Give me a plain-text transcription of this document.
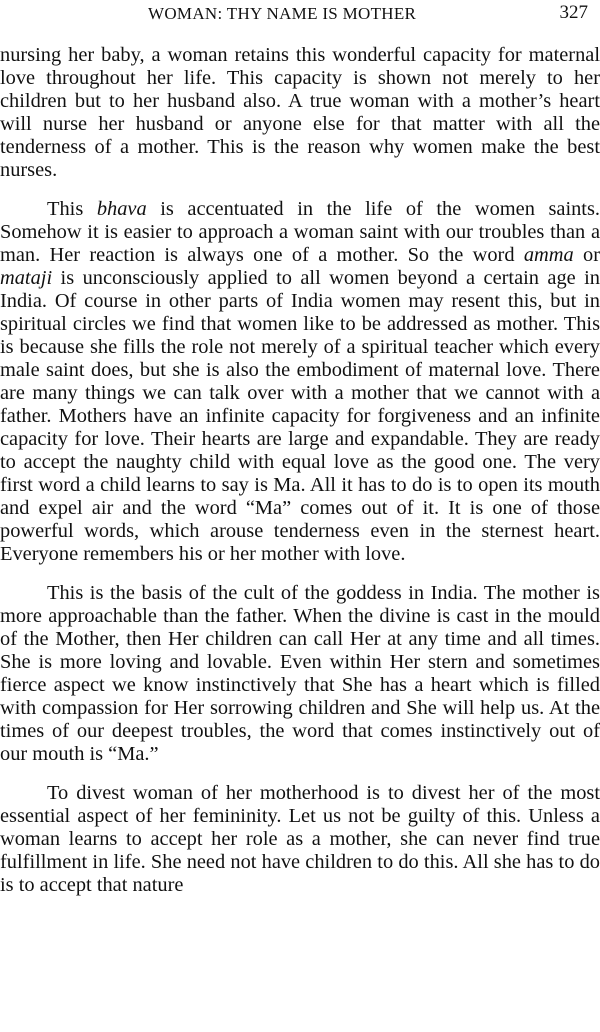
WOMAN: THY NAME IS MOTHER	327

nursing her baby, a woman retains this wonderful capacity for maternal love throughout her life. This capacity is shown not merely to her children but to her husband also. A true woman with a mother’s heart will nurse her husband or anyone else for that matter with all the tenderness of a mother. This is the reason why women make the best nurses.

This bhava is accentuated in the life of the women saints. Somehow it is easier to approach a woman saint with our troubles than a man. Her reaction is always one of a mother. So the word amma or mataji is unconsciously applied to all women beyond a certain age in India. Of course in other parts of India women may resent this, but in spiritual circles we find that women like to be addressed as mother. This is because she fills the role not merely of a spiritual teacher which every male saint does, but she is also the embodiment of maternal love. There are many things we can talk over with a mother that we cannot with a father. Mothers have an infinite capacity for forgiveness and an infinite capacity for love. Their hearts are large and expandable. They are ready to accept the naughty child with equal love as the good one. The very first word a child learns to say is Ma. All it has to do is to open its mouth and expel air and the word “Ma” comes out of it. It is one of those powerful words, which arouse tenderness even in the sternest heart. Everyone remembers his or her mother with love.

This is the basis of the cult of the goddess in India. The mother is more approachable than the father. When the divine is cast in the mould of the Mother, then Her children can call Her at any time and all times. She is more loving and lovable. Even within Her stern and sometimes fierce aspect we know instinctively that She has a heart which is filled with compassion for Her sorrowing children and She will help us. At the times of our deepest troubles, the word that comes instinctively out of our mouth is “Ma.”

To divest woman of her motherhood is to divest her of the most essential aspect of her femininity. Let us not be guilty of this. Unless a woman learns to accept her role as a mother, she can never find true fulfillment in life. She need not have children to do this. All she has to do is to accept that nature
